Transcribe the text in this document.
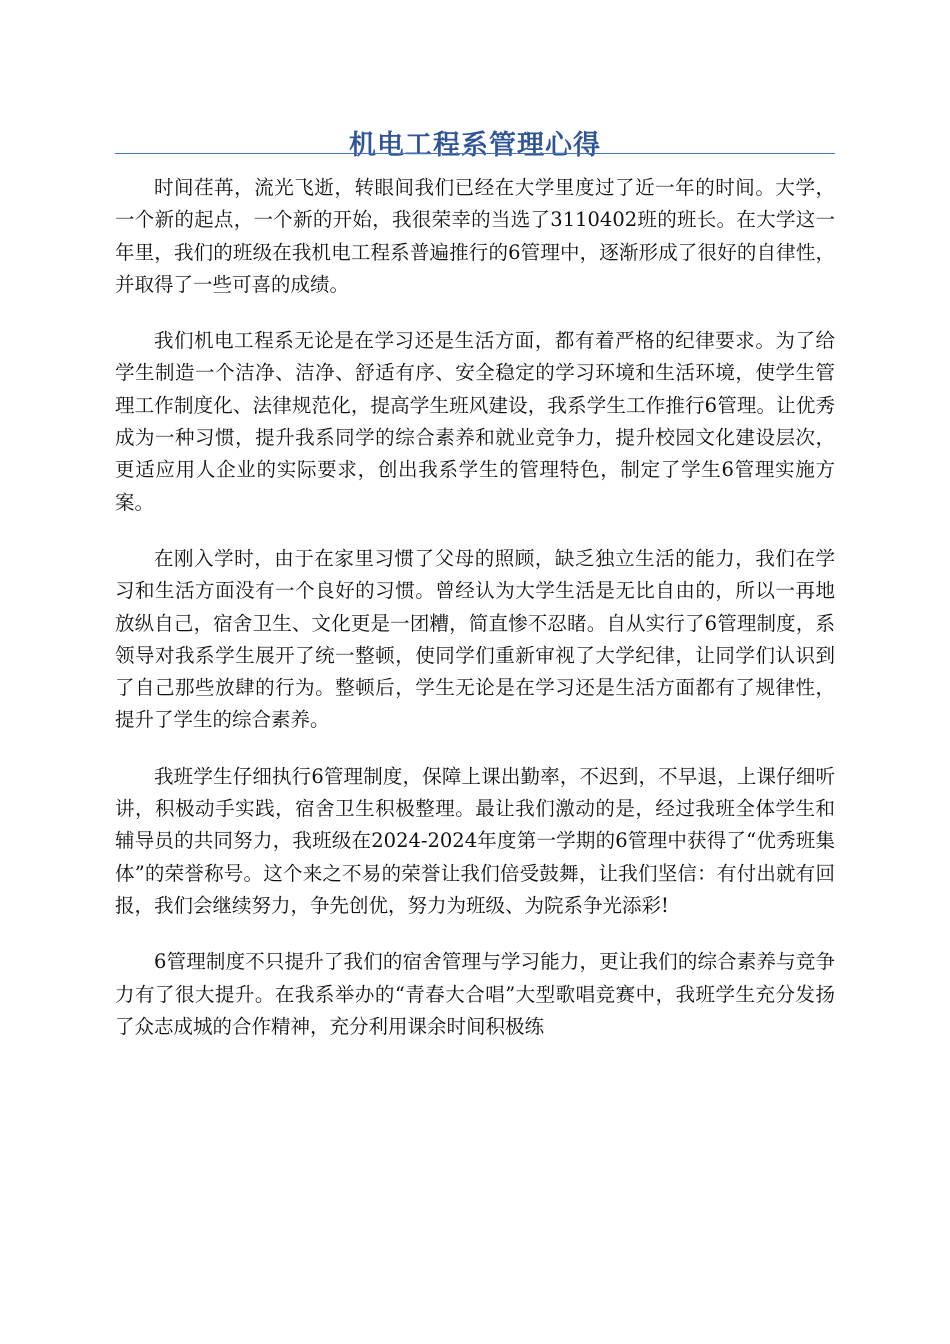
机电工程系管理心得

时间荏苒，流光飞逝，转眼间我们已经在大学里度过了近一年的时间。大学，一个新的起点，一个新的开始，我很荣幸的当选了3110402班的班长。在大学这一年里，我们的班级在我机电工程系普遍推行的6管理中，逐渐形成了很好的自律性，并取得了一些可喜的成绩。

我们机电工程系无论是在学习还是生活方面，都有着严格的纪律要求。为了给学生制造一个洁净、洁净、舒适有序、安全稳定的学习环境和生活环境，使学生管理工作制度化、法律规范化，提高学生班风建设，我系学生工作推行6管理。让优秀成为一种习惯，提升我系同学的综合素养和就业竞争力，提升校园文化建设层次，更适应用人企业的实际要求，创出我系学生的管理特色，制定了学生6管理实施方案。

在刚入学时，由于在家里习惯了父母的照顾，缺乏独立生活的能力，我们在学习和生活方面没有一个良好的习惯。曾经认为大学生活是无比自由的，所以一再地放纵自己，宿舍卫生、文化更是一团糟，简直惨不忍睹。自从实行了6管理制度，系领导对我系学生展开了统一整顿，使同学们重新审视了大学纪律，让同学们认识到了自己那些放肆的行为。整顿后，学生无论是在学习还是生活方面都有了规律性，提升了学生的综合素养。

我班学生仔细执行6管理制度，保障上课出勤率，不迟到，不早退，上课仔细听讲，积极动手实践，宿舍卫生积极整理。最让我们激动的是，经过我班全体学生和辅导员的共同努力，我班级在2024-2024年度第一学期的6管理中获得了“优秀班集体”的荣誉称号。这个来之不易的荣誉让我们倍受鼓舞，让我们坚信：有付出就有回报，我们会继续努力，争先创优，努力为班级、为院系争光添彩!

6管理制度不只提升了我们的宿舍管理与学习能力，更让我们的综合素养与竞争力有了很大提升。在我系举办的“青春大合唱”大型歌唱竞赛中，我班学生充分发扬了众志成城的合作精神，充分利用课余时间积极练
